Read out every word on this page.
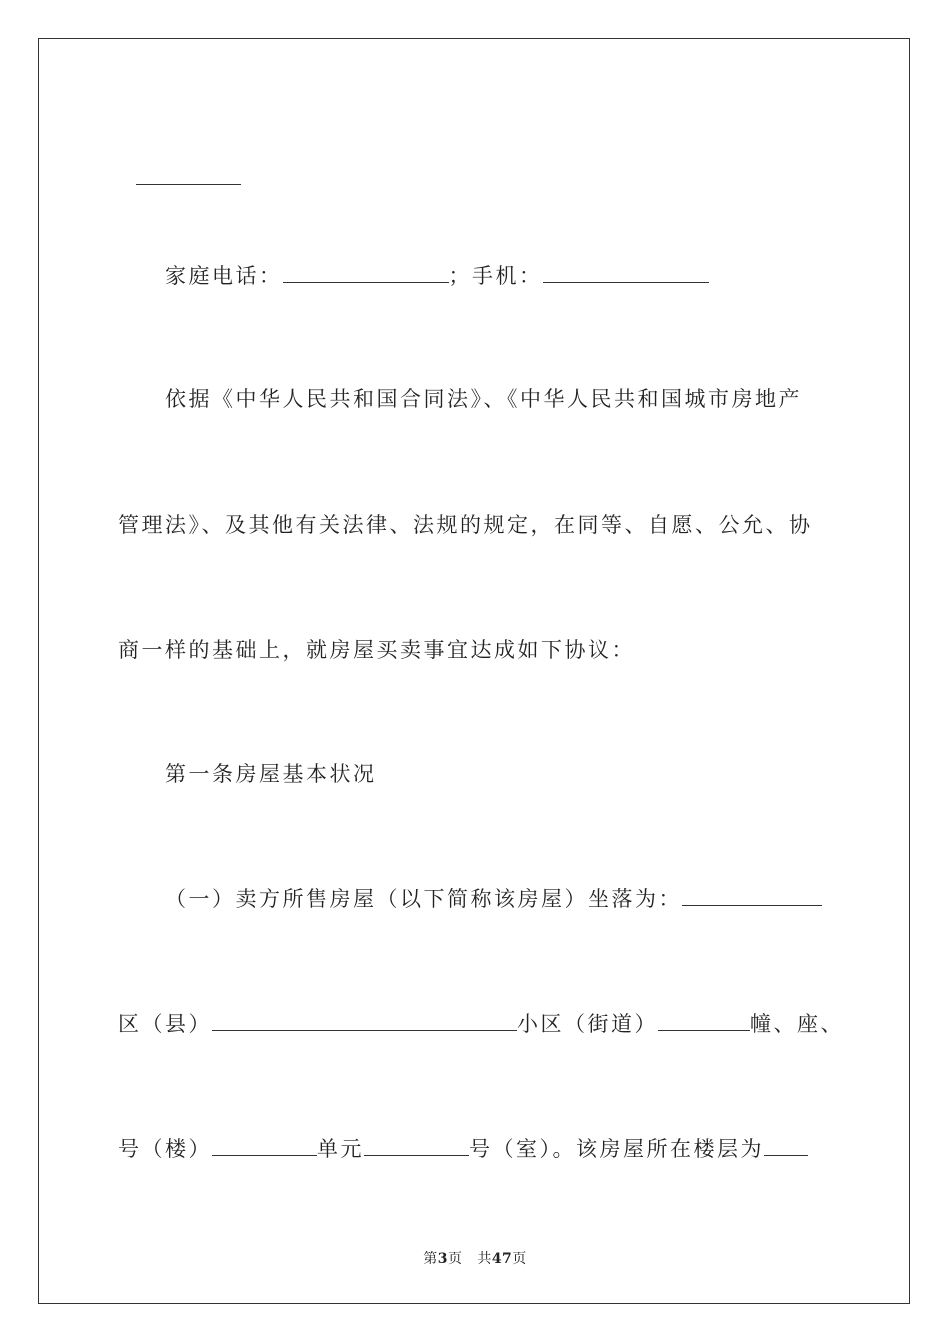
家庭电话：	；手机：
依据《中华人民共和国合同法》、《中华人民共和国城市房地产
管理法》、及其他有关法律、法规的规定，在同等、自愿、公允、协
商一样的基础上，就房屋买卖事宜达成如下协议：
第一条房屋基本状况
（一）卖方所售房屋（以下简称该房屋）坐落为：
区（县）	小区（街道）	幢、座、
号（楼）	单元	号（室）。该房屋所在楼层为
第3页 共47页
